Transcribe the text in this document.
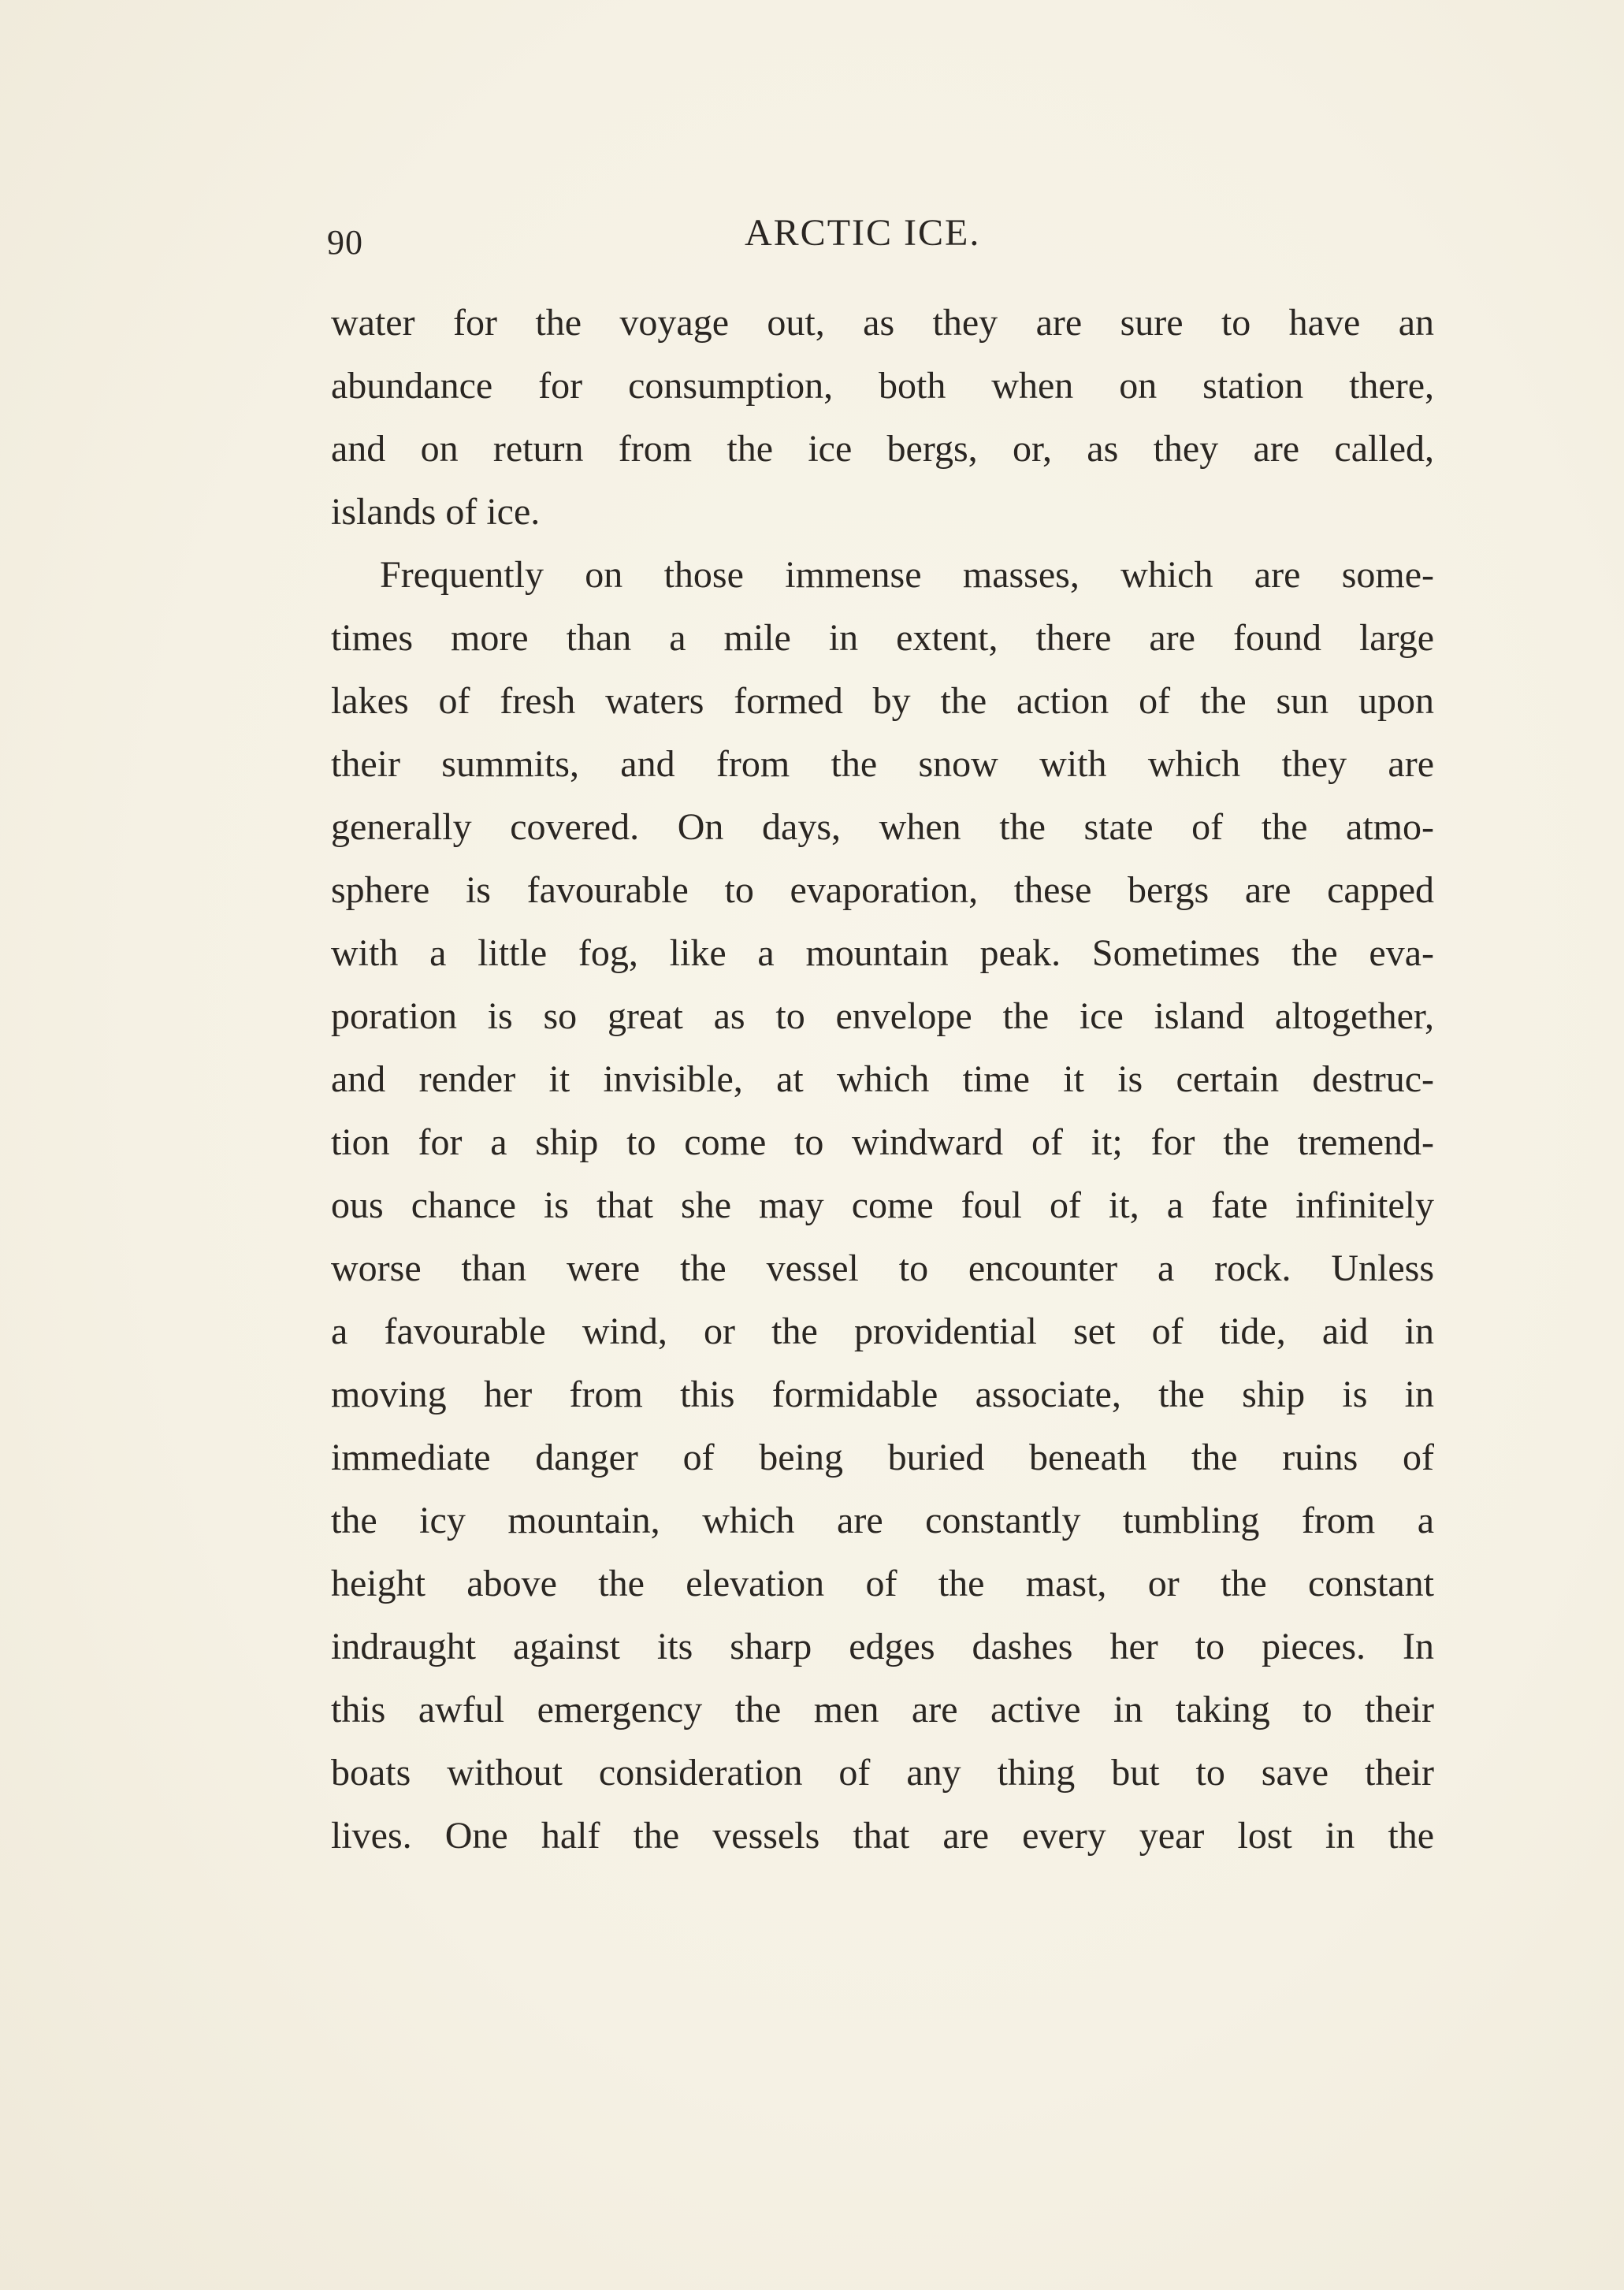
90	ARCTIC ICE.
water for the voyage out, as they are sure to have an
abundance for consumption, both when on station there,
and on return from the ice bergs, or, as they are called,
islands of ice.
Frequently on those immense masses, which are some-
times more than a mile in extent, there are found large
lakes of fresh waters formed by the action of the sun upon
their summits, and from the snow with which they are
generally covered. On days, when the state of the atmo-
sphere is favourable to evaporation, these bergs are capped
with a little fog, like a mountain peak. Sometimes the eva-
poration is so great as to envelope the ice island altogether,
and render it invisible, at which time it is certain destruc-
tion for a ship to come to windward of it; for the tremend-
ous chance is that she may come foul of it, a fate infinitely
worse than were the vessel to encounter a rock. Unless
a favourable wind, or the providential set of tide, aid in
moving her from this formidable associate, the ship is in
immediate danger of being buried beneath the ruins of
the icy mountain, which are constantly tumbling from a
height above the elevation of the mast, or the constant
indraught against its sharp edges dashes her to pieces. In
this awful emergency the men are active in taking to their
boats without consideration of any thing but to save their
lives. One half the vessels that are every year lost in the
